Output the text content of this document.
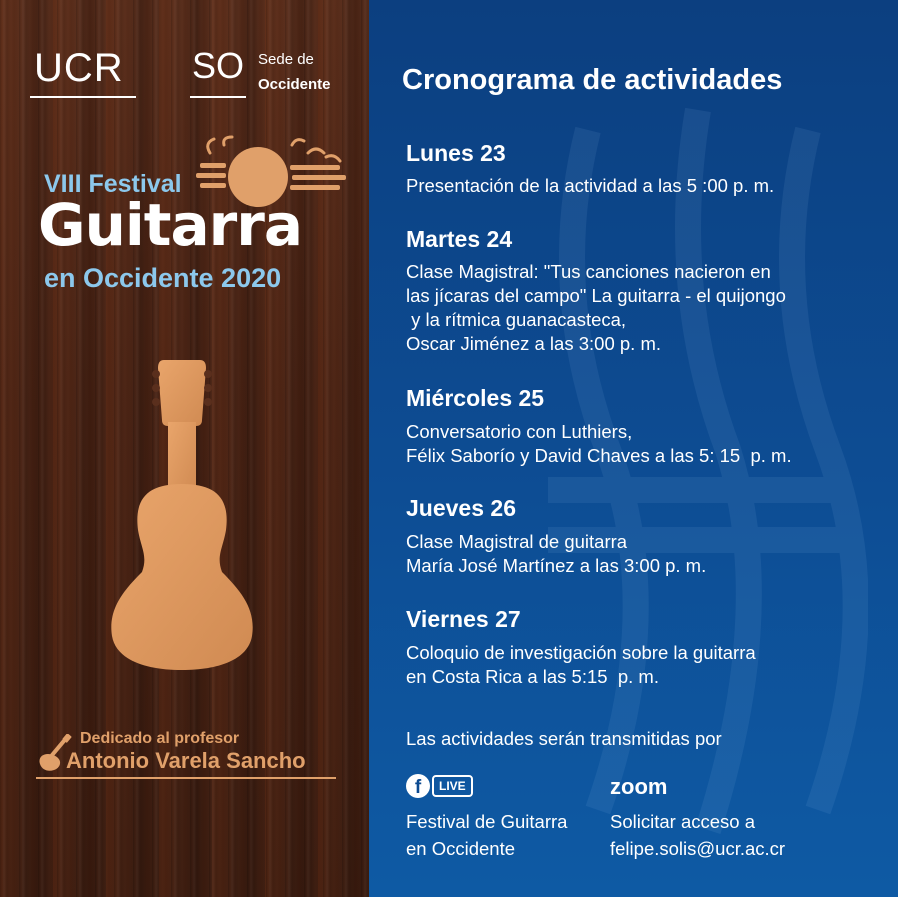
UCR SO Sede de
Occidente
VIII Festival
Guitarra
en Occidente 2020
Dedicado al profesor
Antonio Varela Sancho
Cronograma de actividades
Lunes 23
Presentación de la actividad a las 5 :00 p. m.
Martes 24
Clase Magistral: "Tus canciones nacieron en
las jícaras del campo" La guitarra - el quijongo
y la rítmica guanacasteca,
Oscar Jiménez a las 3:00 p. m.
Miércoles 25
Conversatorio con Luthiers,
Félix Saborío y David Chaves a las 5: 15  p. m.
Jueves 26
Clase Magistral de guitarra
María José Martínez a las 3:00 p. m.
Viernes 27
Coloquio de investigación sobre la guitarra
en Costa Rica a las 5:15  p. m.
Las actividades serán transmitidas por
f	LIVE	zoom
Festival de Guitarra
en Occidente
Solicitar acceso a
felipe.solis@ucr.ac.cr
